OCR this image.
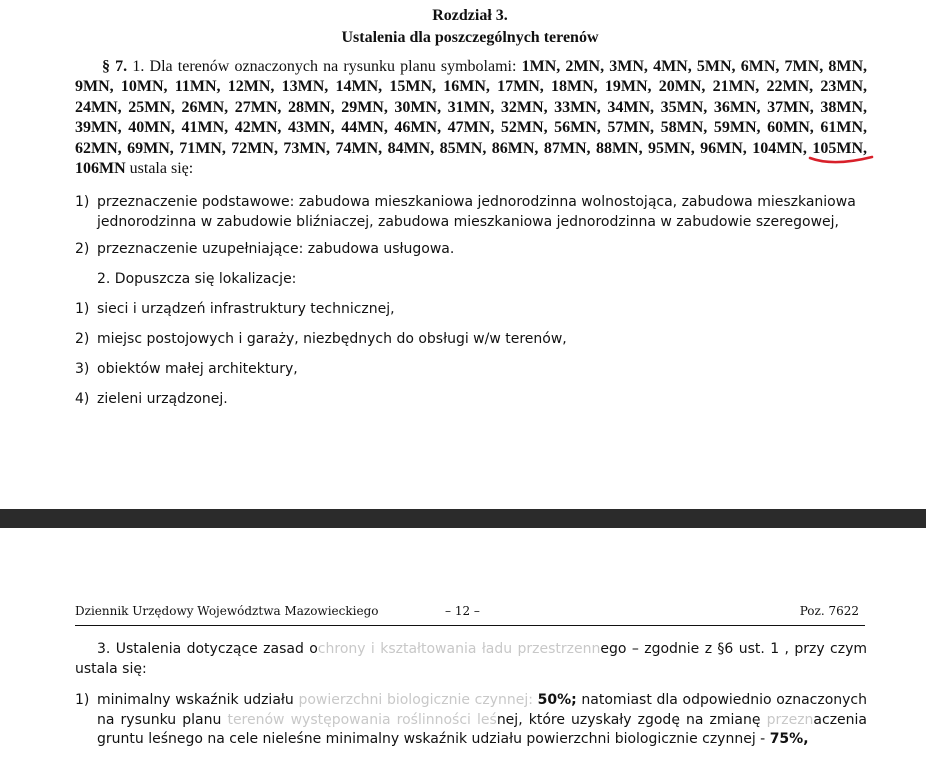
Rozdział 3.
Ustalenia dla poszczególnych terenów
§ 7. 1. Dla terenów oznaczonych na rysunku planu symbolami: 1MN, 2MN, 3MN, 4MN, 5MN, 6MN, 7MN, 8MN, 9MN, 10MN, 11MN, 12MN, 13MN, 14MN, 15MN, 16MN, 17MN, 18MN, 19MN, 20MN, 21MN, 22MN, 23MN, 24MN, 25MN, 26MN, 27MN, 28MN, 29MN, 30MN, 31MN, 32MN, 33MN, 34MN, 35MN, 36MN, 37MN, 38MN, 39MN, 40MN, 41MN, 42MN, 43MN, 44MN, 46MN, 47MN, 52MN, 56MN, 57MN, 58MN, 59MN, 60MN, 61MN, 62MN, 69MN, 71MN, 72MN, 73MN, 74MN, 84MN, 85MN, 86MN, 87MN, 88MN, 95MN, 96MN, 104MN, 105MN,
106MN ustala się:
1) przeznaczenie podstawowe: zabudowa mieszkaniowa jednorodzinna wolnostojąca, zabudowa mieszkaniowa jednorodzinna w zabudowie bliźniaczej, zabudowa mieszkaniowa jednorodzinna w zabudowie szeregowej,
2) przeznaczenie uzupełniające: zabudowa usługowa.
2. Dopuszcza się lokalizacje:
1) sieci i urządzeń infrastruktury technicznej,
2) miejsc postojowych i garaży, niezbędnych do obsługi w/w terenów,
3) obiektów małej architektury,
4) zieleni urządzonej.
Dziennik Urzędowy Województwa Mazowieckiego	– 12 –	Poz. 7622
3. Ustalenia dotyczące zasad ochrony i kształtowania ładu przestrzennego – zgodnie z §6 ust. 1 , przy czym ustala się:
1) minimalny wskaźnik udziału powierzchni biologicznie czynnej: 50%; natomiast dla odpowiednio oznaczonych na rysunku planu terenów występowania roślinności leśnej, które uzyskały zgodę na zmianę przeznaczenia gruntu leśnego na cele nieleśne minimalny wskaźnik udziału powierzchni biologicznie czynnej - 75%,
